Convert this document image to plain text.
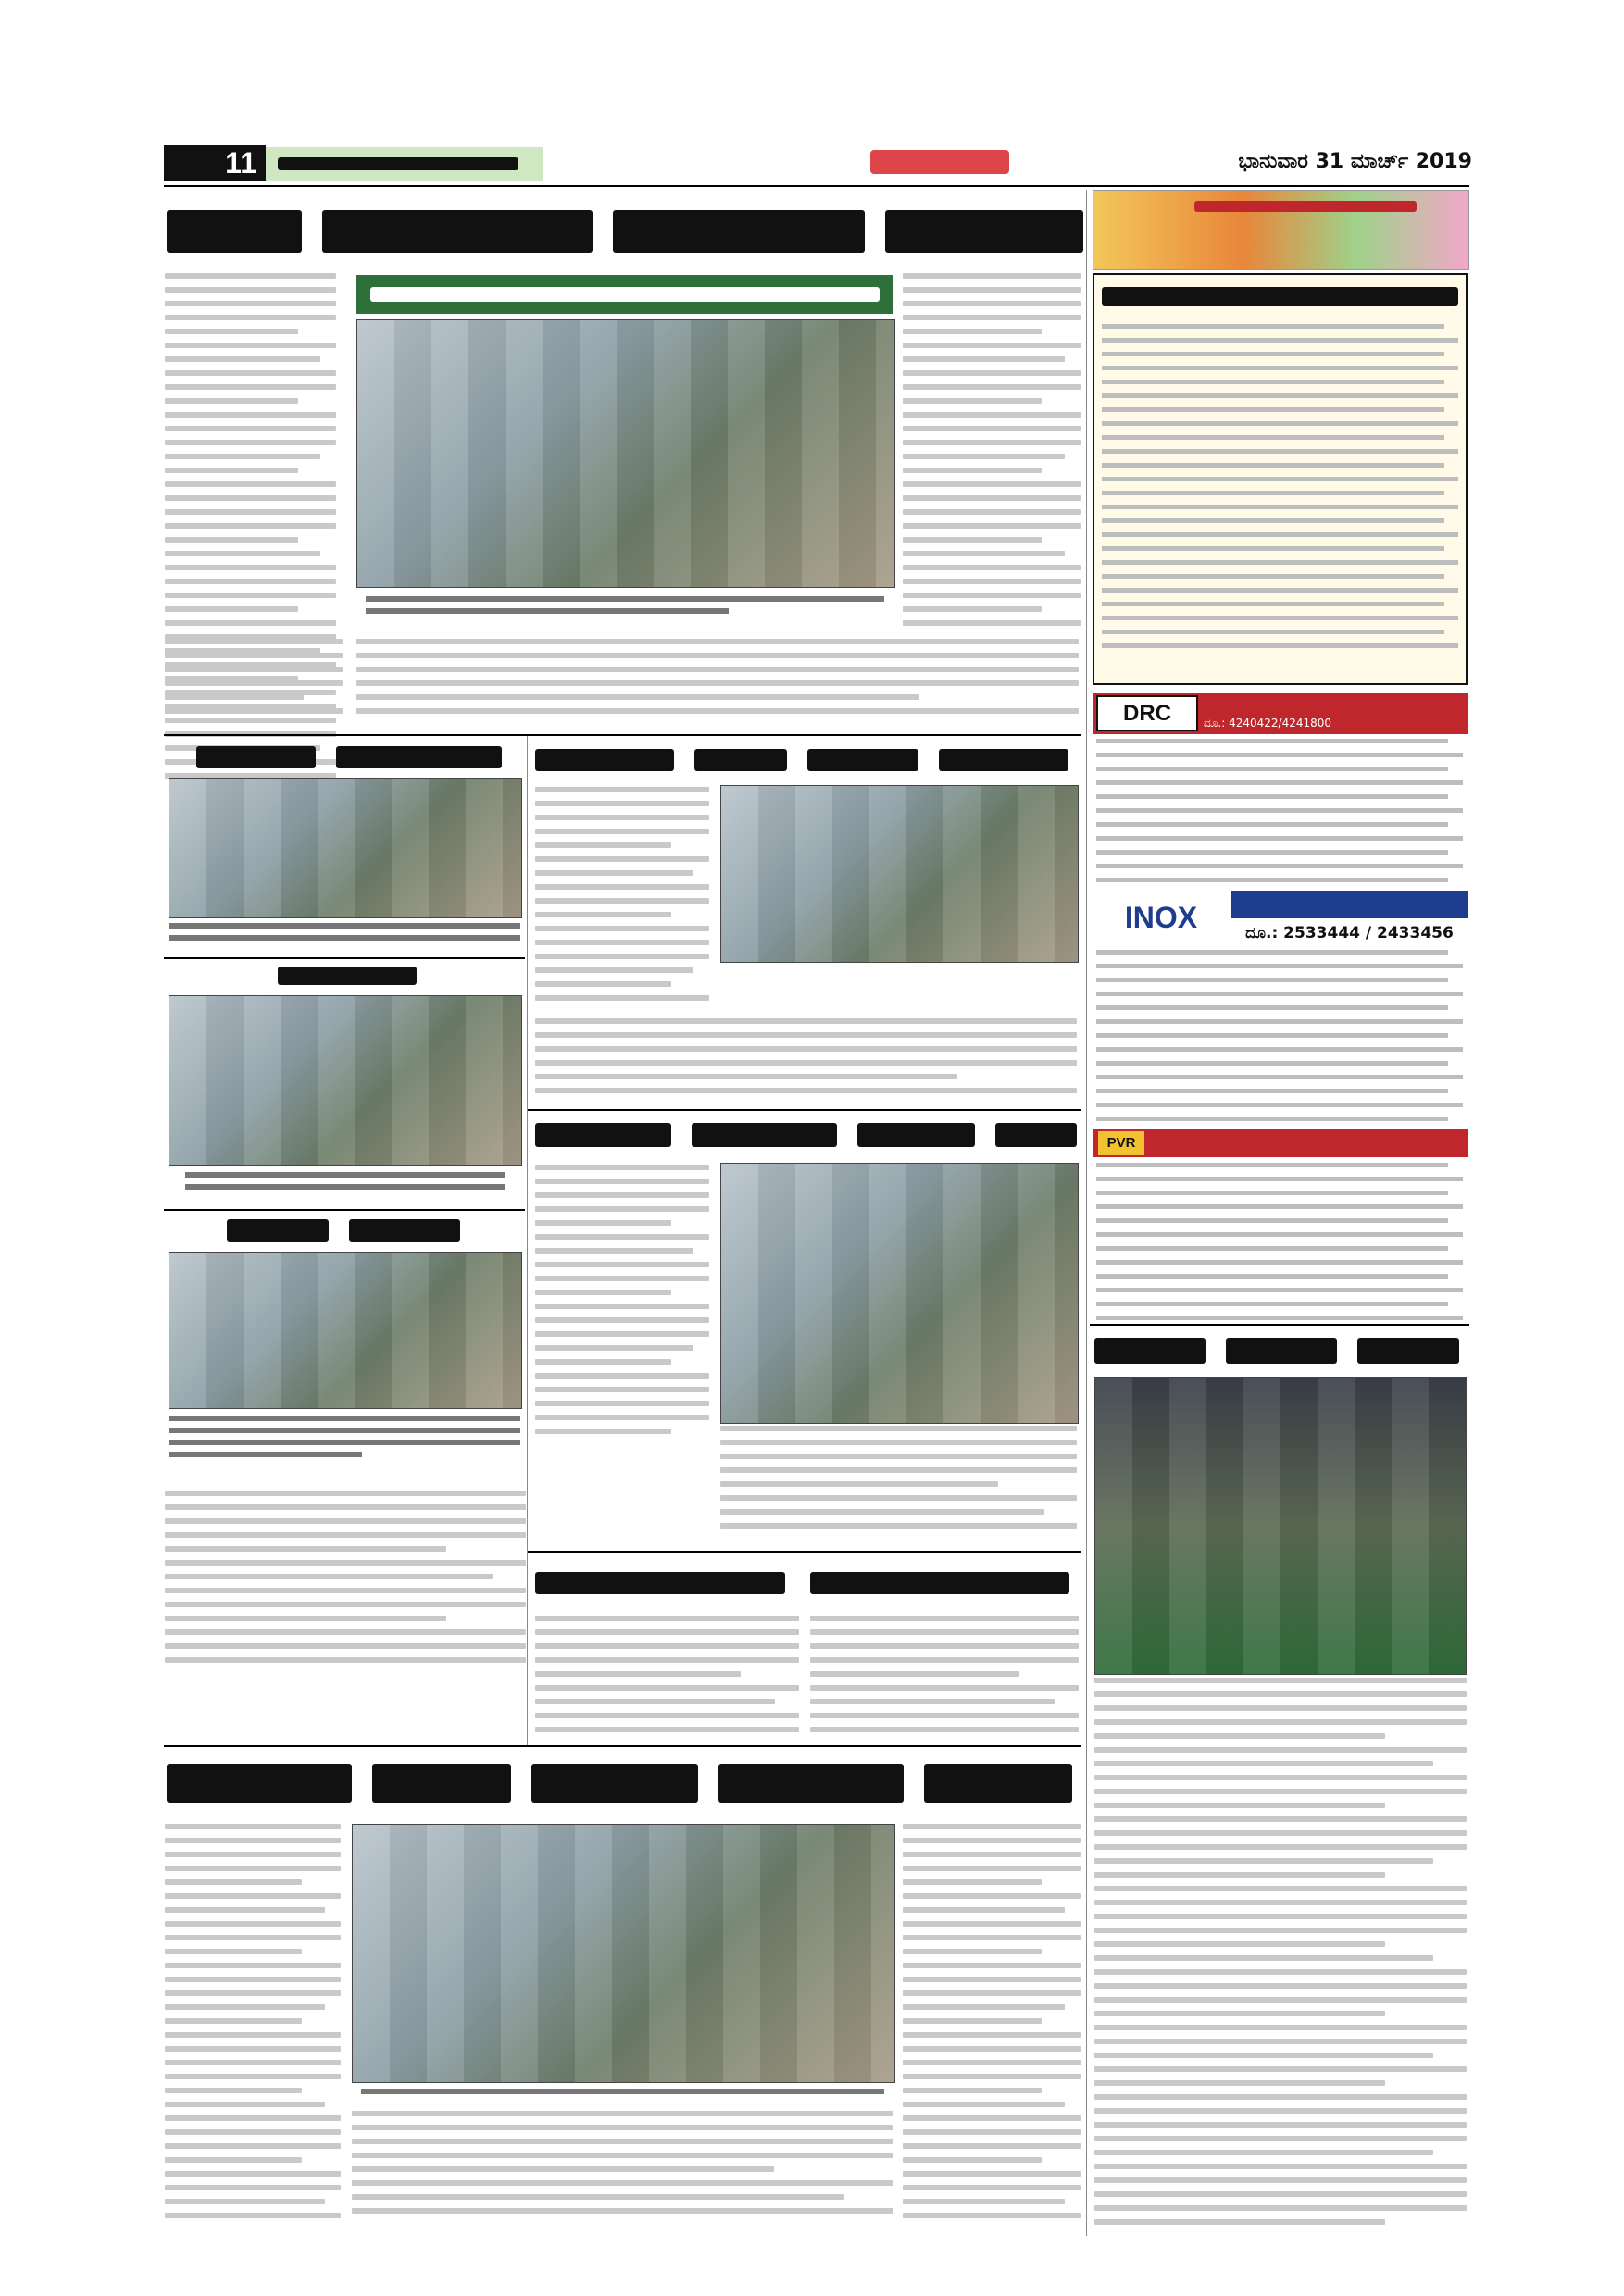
11	ಭಾನುವಾರ 31 ಮಾರ್ಚ್ 2019
DRC	ದೂ.: 4240422/4241800
INOX	ದೂ.: 2533444 / 2433456
PVR
